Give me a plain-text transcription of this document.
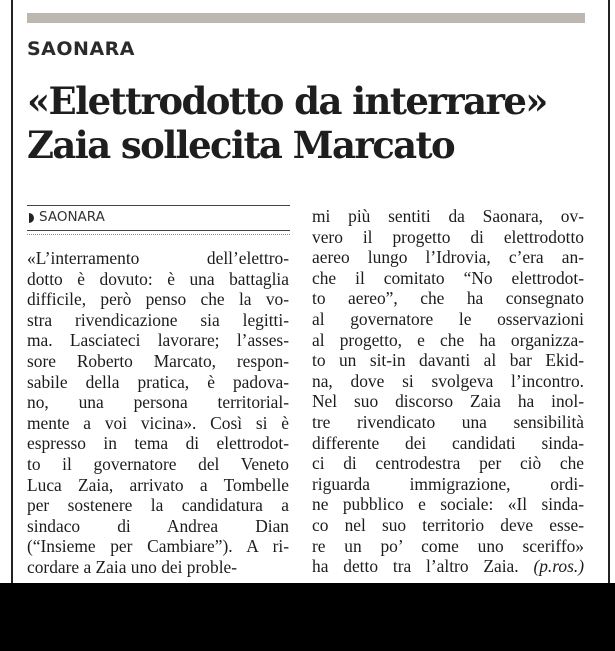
SAONARA
«Elettrodotto da interrare»
Zaia sollecita Marcato
SAONARA
«L’interramento dell’elettro-
dotto è dovuto: è una battaglia
difficile, però penso che la vo-
stra rivendicazione sia legitti-
ma. Lasciateci lavorare; l’asses-
sore Roberto Marcato, respon-
sabile della pratica, è padova-
no, una persona territorial-
mente a voi vicina». Così si è
espresso in tema di elettrodot-
to il governatore del Veneto
Luca Zaia, arrivato a Tombelle
per sostenere la candidatura a
sindaco di Andrea Dian
(“Insieme per Cambiare”). A ri-
cordare a Zaia uno dei proble-
mi più sentiti da Saonara, ov-
vero il progetto di elettrodotto
aereo lungo l’Idrovia, c’era an-
che il comitato “No elettrodot-
to aereo”, che ha consegnato
al governatore le osservazioni
al progetto, e che ha organizza-
to un sit-in davanti al bar Ekid-
na, dove si svolgeva l’incontro.
Nel suo discorso Zaia ha inol-
tre rivendicato una sensibilità
differente dei candidati sinda-
ci di centrodestra per ciò che
riguarda immigrazione, ordi-
ne pubblico e sociale: «Il sinda-
co nel suo territorio deve esse-
re un po’ come uno sceriffo»
ha detto tra l’altro Zaia. (p.ros.)
